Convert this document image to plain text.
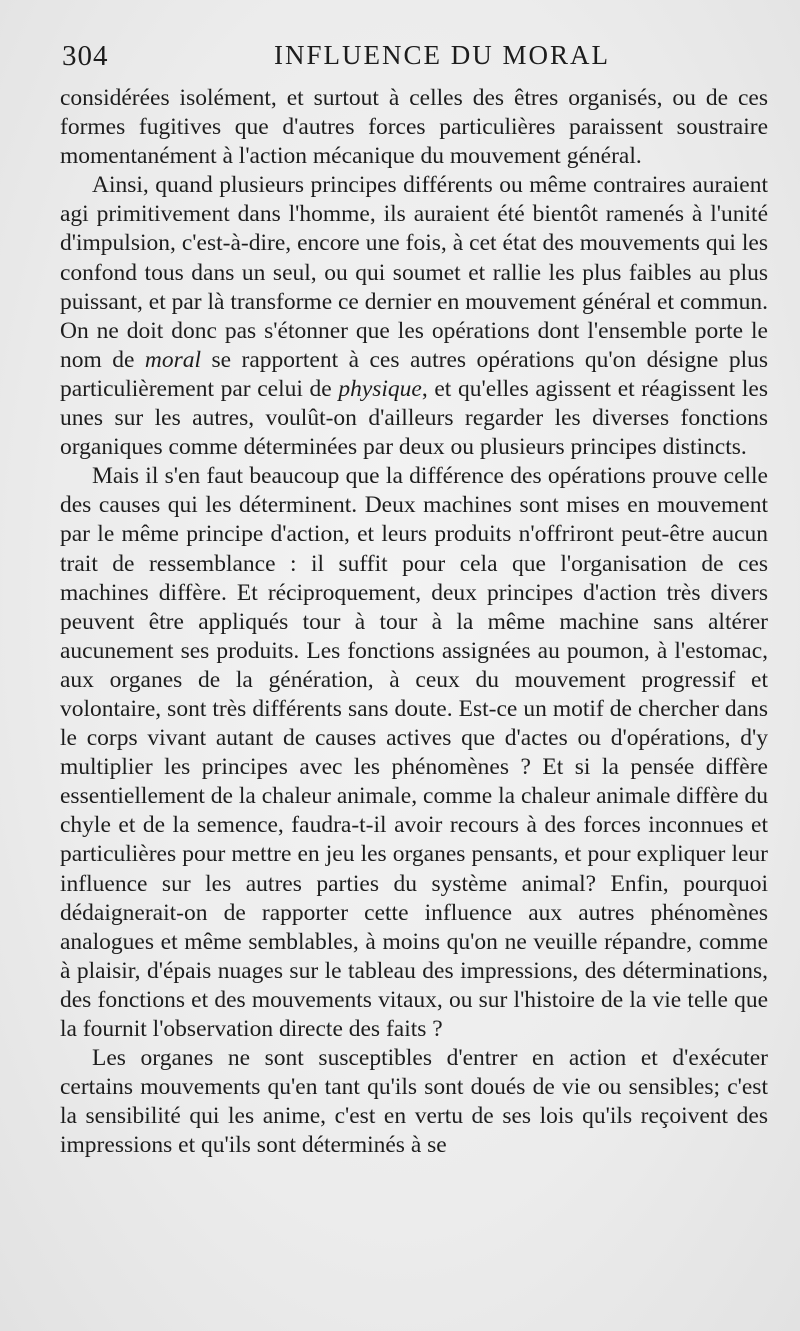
304	INFLUENCE DU MORAL

considérées isolément, et surtout à celles des êtres organisés, ou de ces formes fugitives que d'autres forces particulières paraissent soustraire momentanément à l'action mécanique du mouvement général.

Ainsi, quand plusieurs principes différents ou même contraires auraient agi primitivement dans l'homme, ils auraient été bientôt ramenés à l'unité d'impulsion, c'est-à-dire, encore une fois, à cet état des mouvements qui les confond tous dans un seul, ou qui soumet et rallie les plus faibles au plus puissant, et par là transforme ce dernier en mouvement général et commun. On ne doit donc pas s'étonner que les opérations dont l'ensemble porte le nom de moral se rapportent à ces autres opérations qu'on désigne plus particulièrement par celui de physique, et qu'elles agissent et réagissent les unes sur les autres, voulût-on d'ailleurs regarder les diverses fonctions organiques comme déterminées par deux ou plusieurs principes distincts.

Mais il s'en faut beaucoup que la différence des opérations prouve celle des causes qui les déterminent. Deux machines sont mises en mouvement par le même principe d'action, et leurs produits n'offriront peut-être aucun trait de ressemblance : il suffit pour cela que l'organisation de ces machines diffère. Et réciproquement, deux principes d'action très divers peuvent être appliqués tour à tour à la même machine sans altérer aucunement ses produits. Les fonctions assignées au poumon, à l'estomac, aux organes de la génération, à ceux du mouvement progressif et volontaire, sont très différents sans doute. Est-ce un motif de chercher dans le corps vivant autant de causes actives que d'actes ou d'opérations, d'y multiplier les principes avec les phénomènes ? Et si la pensée diffère essentiellement de la chaleur animale, comme la chaleur animale diffère du chyle et de la semence, faudra-t-il avoir recours à des forces inconnues et particulières pour mettre en jeu les organes pensants, et pour expliquer leur influence sur les autres parties du système animal? Enfin, pourquoi dédaignerait-on de rapporter cette influence aux autres phénomènes analogues et même semblables, à moins qu'on ne veuille répandre, comme à plaisir, d'épais nuages sur le tableau des impressions, des déterminations, des fonctions et des mouvements vitaux, ou sur l'histoire de la vie telle que la fournit l'observation directe des faits ?

Les organes ne sont susceptibles d'entrer en action et d'exécuter certains mouvements qu'en tant qu'ils sont doués de vie ou sensibles; c'est la sensibilité qui les anime, c'est en vertu de ses lois qu'ils reçoivent des impressions et qu'ils sont déterminés à se
